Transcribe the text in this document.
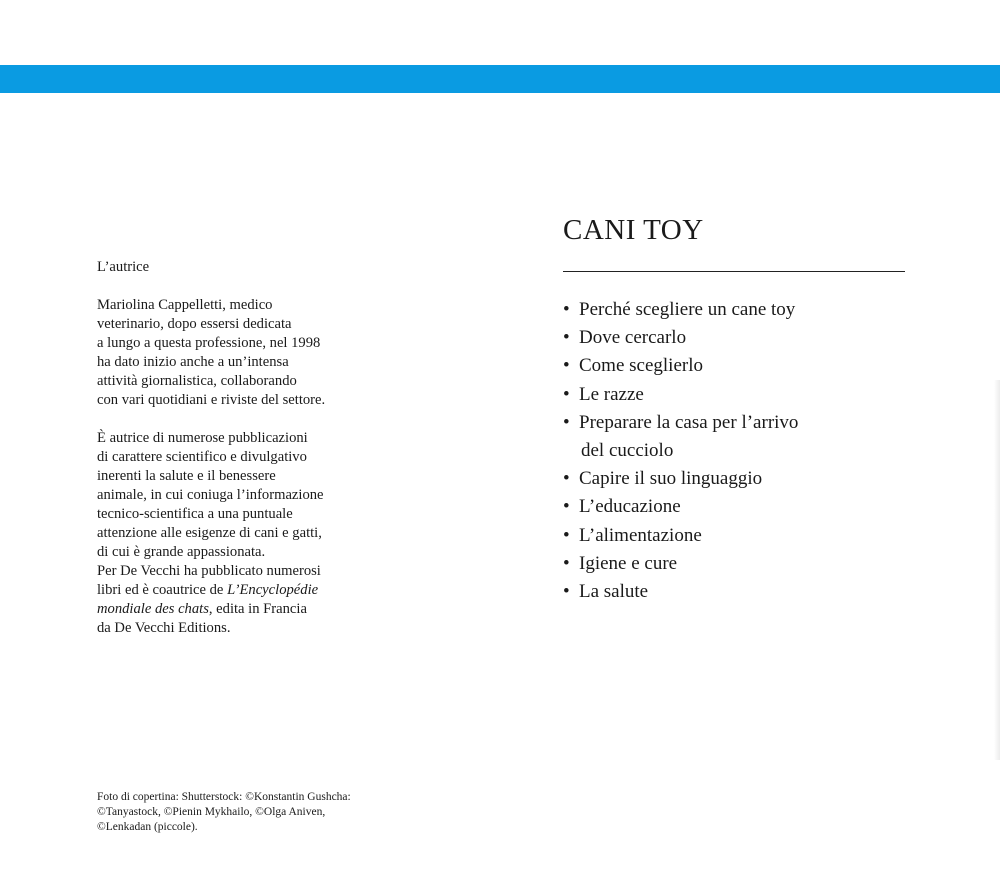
L’autrice

Mariolina Cappelletti, medico
veterinario, dopo essersi dedicata
a lungo a questa professione, nel 1998
ha dato inizio anche a un’intensa
attività giornalistica, collaborando
con vari quotidiani e riviste del settore.

È autrice di numerose pubblicazioni
di carattere scientifico e divulgativo
inerenti la salute e il benessere
animale, in cui coniuga l’informazione
tecnico-scientifica a una puntuale
attenzione alle esigenze di cani e gatti,
di cui è grande appassionata.
Per De Vecchi ha pubblicato numerosi
libri ed è coautrice de L’Encyclopédie
mondiale des chats, edita in Francia
da De Vecchi Editions.

Foto di copertina: Shutterstock: ©Konstantin Gushcha:
©Tanyastock, ©Pienin Mykhailo, ©Olga Aniven,
©Lenkadan (piccole).
CANI TOY
• Perché scegliere un cane toy
• Dove cercarlo
• Come sceglierlo
• Le razze
• Preparare la casa per l’arrivo
del cucciolo
• Capire il suo linguaggio
• L’educazione
• L’alimentazione
• Igiene e cure
• La salute
